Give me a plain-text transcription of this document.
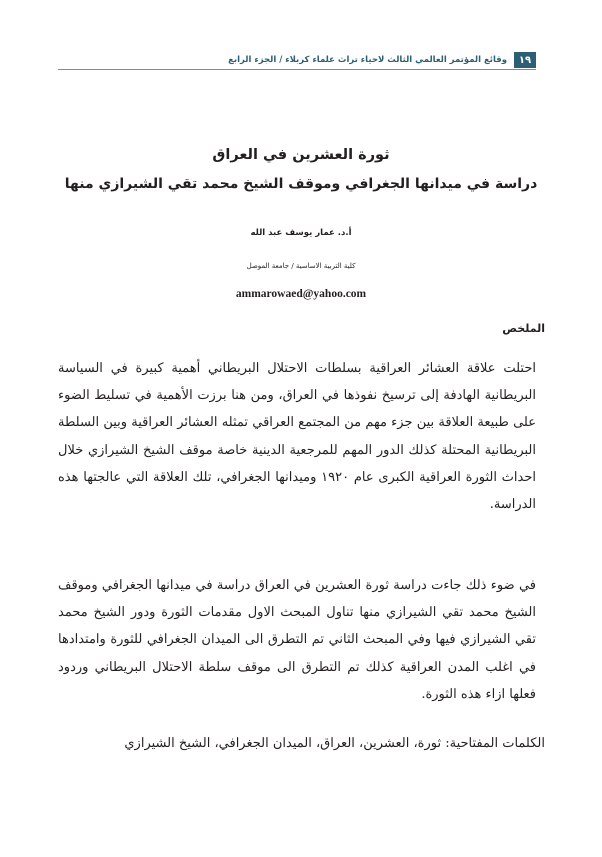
١٩
وقائع المؤتمر العالمي الثالث لاحياء تراث علماء كربلاء / الجزء الرابع
ثورة العشرين في العراق
دراسة في ميدانها الجغرافي وموقف الشيخ محمد تقي الشيرازي منها
أ.د. عمار يوسف عبد الله
كلية التربية الاساسية / جامعة الموصل
ammarowaed@yahoo.com
الملخص
احتلت علاقة العشائر العراقية بسلطات الاحتلال البريطاني أهمية كبيرة في السياسة البريطانية الهادفة إلى ترسيخ نفوذها في العراق، ومن هنا برزت الأهمية في تسليط الضوء على طبيعة العلاقة بين جزء مهم من المجتمع العراقي تمثله العشائر العراقية وبين السلطة البريطانية المحتلة كذلك الدور المهم للمرجعية الدينية خاصة موقف الشيخ الشيرازي خلال احداث الثورة العراقية الكبرى عام ١٩٢٠ وميدانها الجغرافي، تلك العلاقة التي عالجتها هذه الدراسة.
في ضوء ذلك جاءت دراسة ثورة العشرين في العراق دراسة في ميدانها الجغرافي وموقف الشيخ محمد تقي الشيرازي منها تناول المبحث الاول مقدمات الثورة ودور الشيخ محمد تقي الشيرازي فيها وفي المبحث الثاني تم التطرق الى الميدان الجغرافي للثورة وامتدادها في اغلب المدن العراقية كذلك تم التطرق الى موقف سلطة الاحتلال البريطاني وردود فعلها ازاء هذه الثورة.
الكلمات المفتاحية: ثورة، العشرين، العراق، الميدان الجغرافي، الشيخ الشيرازي
